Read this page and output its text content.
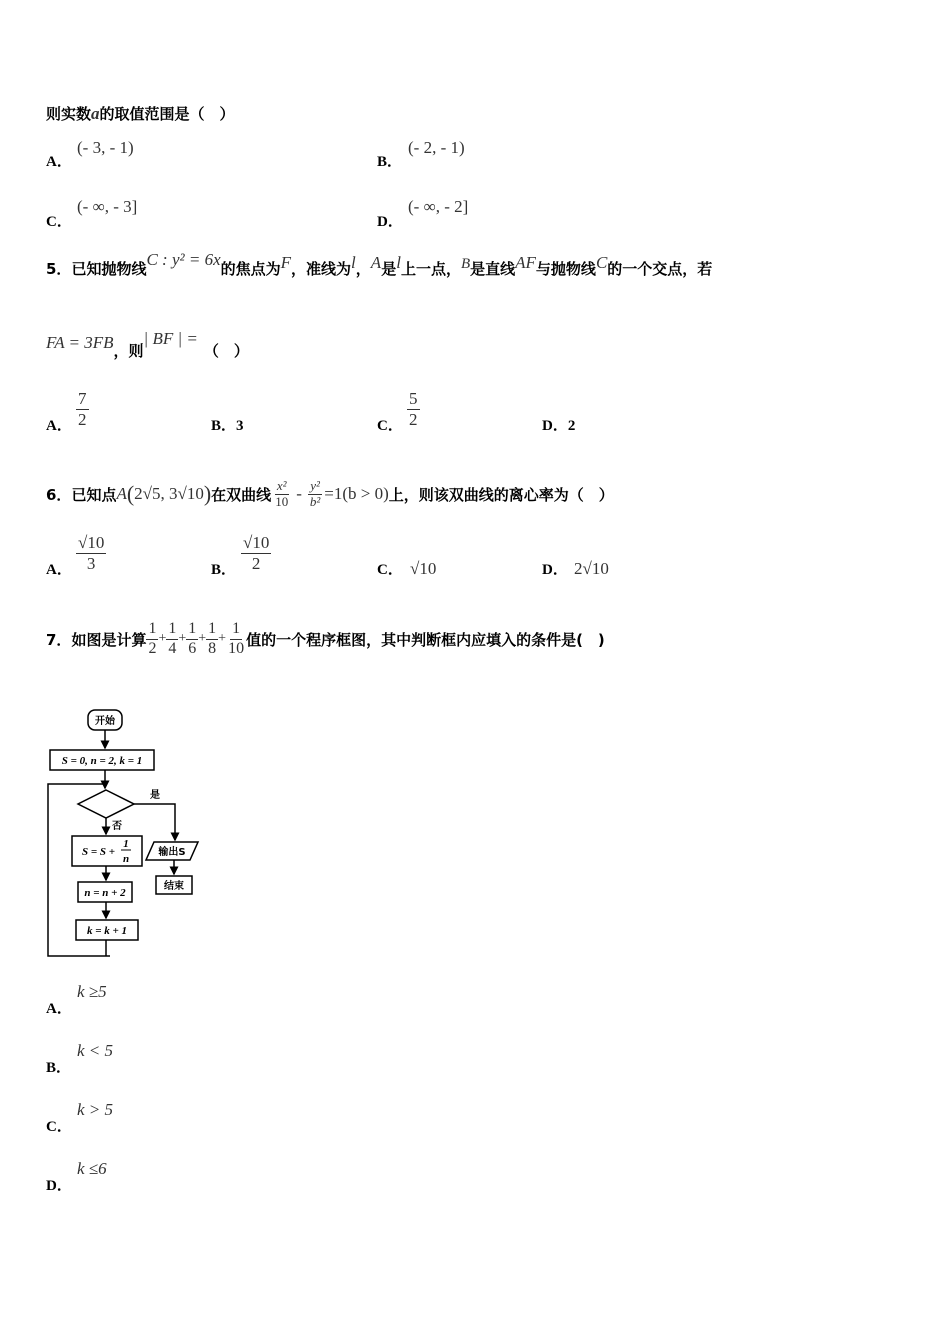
则实数a的取值范围是（　）
A．
(- 3, - 1)
B．
(- 2, - 1)
C．
(- ∞, - 3]
D．
(- ∞, - 2]
5．已知抛物线C : y² = 6x的焦点为F，准线为l，A是l上一点，B是直线AF与抛物线C的一个交点，若
FA = 3FB，则| BF | =（　）
A． $\frac{7}{2}$	B．3	C． $\frac{5}{2}$	D．2
6． 已知点 A ( 2√5, 3√10 ) 在双曲线 $\frac{\text{x²}}{10} - \frac{\text{y²}}{\text{b²}} =1(b > 0)$ 上，则该双曲线的离心率为（　）
A． $\frac{√10}{3}$	B． $\frac{√10}{2}$	C． √10	D． 2√10
7． 如图是计算 $\frac{1}{2} + \frac{1}{4} + \frac{1}{6} + \frac{1}{8} + \frac{1}{10}$ 值的一个程序框图，其中判断框内应填入的条件是(　)
开始
S = 0, n = 2, k = 1
是
否
S = S +
1
n
n = n + 2
k = k + 1
输出S
结束
A．
k ≥5
B．
k < 5
C．
k > 5
D．
k ≤6
